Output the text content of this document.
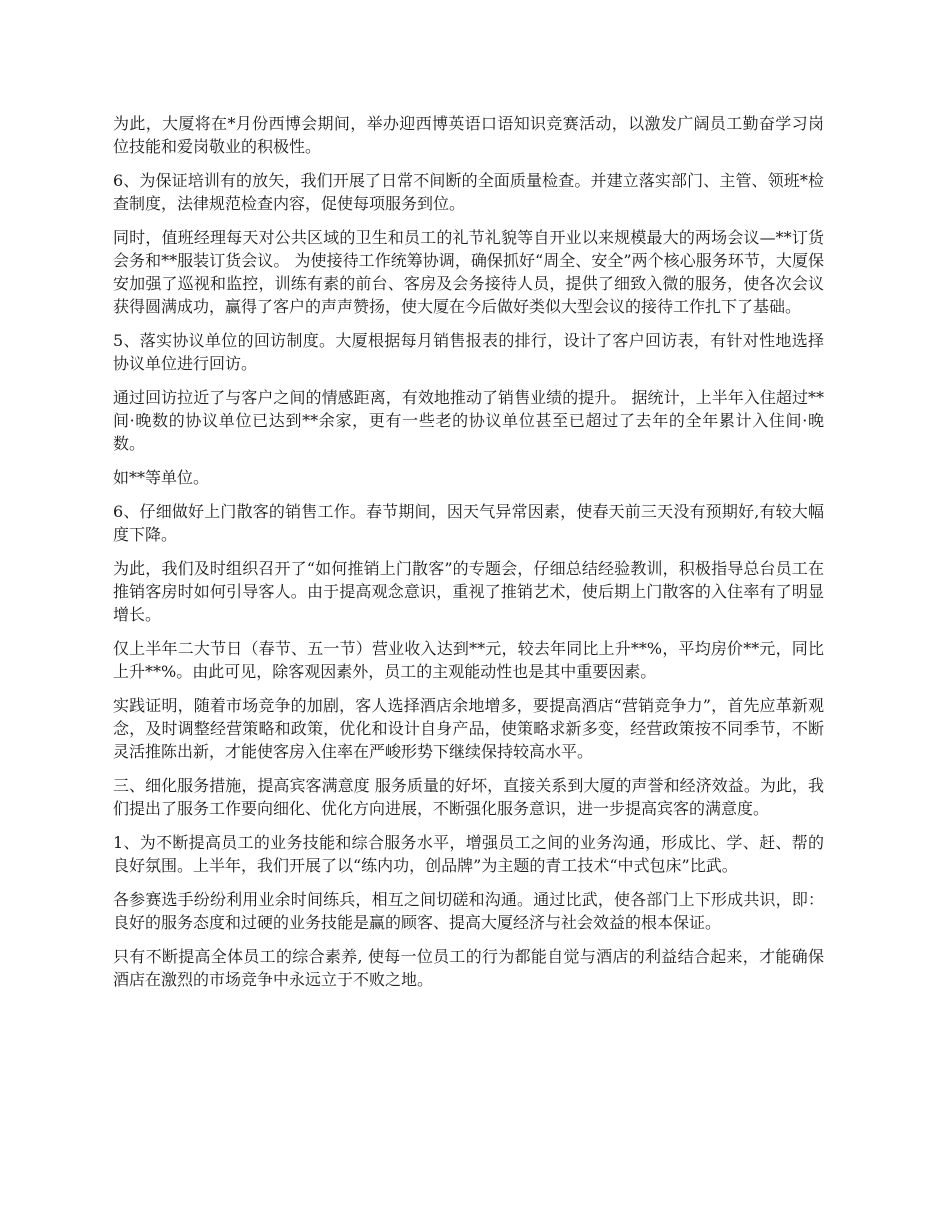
为此，大厦将在*月份西博会期间，举办迎西博英语口语知识竞赛活动，以激发广阔员工勤奋学习岗位技能和爱岗敬业的积极性。

6、为保证培训有的放矢，我们开展了日常不间断的全面质量检查。并建立落实部门、主管、领班*检查制度，法律规范检查内容，促使每项服务到位。

同时，值班经理每天对公共区域的卫生和员工的礼节礼貌等自开业以来规模最大的两场会议—**订货会务和**服装订货会议。 为使接待工作统筹协调，确保抓好“周全、安全”两个核心服务环节，大厦保安加强了巡视和监控，训练有素的前台、客房及会务接待人员，提供了细致入微的服务，使各次会议获得圆满成功，赢得了客户的声声赞扬，使大厦在今后做好类似大型会议的接待工作扎下了基础。

5、落实协议单位的回访制度。大厦根据每月销售报表的排行，设计了客户回访表，有针对性地选择协议单位进行回访。

通过回访拉近了与客户之间的情感距离，有效地推动了销售业绩的提升。 据统计，上半年入住超过**间·晚数的协议单位已达到**余家，更有一些老的协议单位甚至已超过了去年的全年累计入住间·晚数。

如**等单位。

6、仔细做好上门散客的销售工作。春节期间，因天气异常因素，使春天前三天没有预期好,有较大幅度下降。

为此，我们及时组织召开了“如何推销上门散客”的专题会，仔细总结经验教训，积极指导总台员工在推销客房时如何引导客人。由于提高观念意识，重视了推销艺术，使后期上门散客的入住率有了明显增长。

仅上半年二大节日（春节、五一节）营业收入达到**元，较去年同比上升**%，平均房价**元，同比上升**%。由此可见，除客观因素外，员工的主观能动性也是其中重要因素。

实践证明，随着市场竞争的加剧，客人选择酒店余地增多，要提高酒店“营销竞争力”，首先应革新观念，及时调整经营策略和政策，优化和设计自身产品，使策略求新多变，经营政策按不同季节，不断灵活推陈出新，才能使客房入住率在严峻形势下继续保持较高水平。

三、细化服务措施，提高宾客满意度 服务质量的好坏，直接关系到大厦的声誉和经济效益。为此，我们提出了服务工作要向细化、优化方向进展，不断强化服务意识，进一步提高宾客的满意度。

1、为不断提高员工的业务技能和综合服务水平，增强员工之间的业务沟通，形成比、学、赶、帮的良好氛围。上半年，我们开展了以“练内功，创品牌”为主题的青工技术“中式包床”比武。

各参赛选手纷纷利用业余时间练兵，相互之间切磋和沟通。通过比武，使各部门上下形成共识，即：良好的服务态度和过硬的业务技能是赢的顾客、提高大厦经济与社会效益的根本保证。

只有不断提高全体员工的综合素养, 使每一位员工的行为都能自觉与酒店的利益结合起来，才能确保酒店在激烈的市场竞争中永远立于不败之地。
